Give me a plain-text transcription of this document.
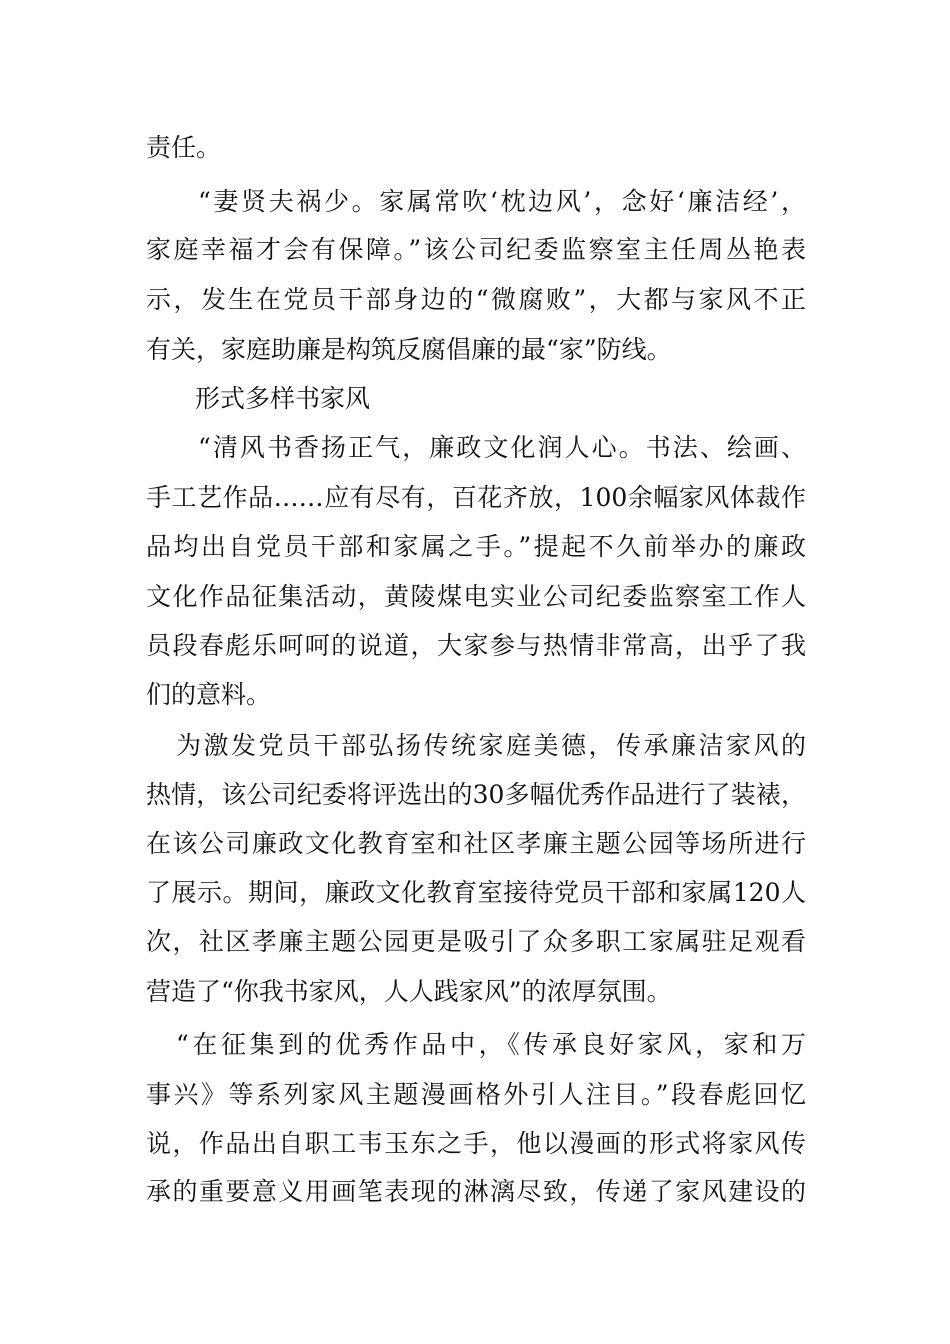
责任。
“妻贤夫祸少。家属常吹‘枕边风’，念好‘廉洁经’，
家庭幸福才会有保障。”该公司纪委监察室主任周丛艳表
示，发生在党员干部身边的“微腐败”，大都与家风不正
有关，家庭助廉是构筑反腐倡廉的最“家”防线。
形式多样书家风
“清风书香扬正气，廉政文化润人心。书法、绘画、
手工艺作品……应有尽有，百花齐放，100余幅家风体裁作
品均出自党员干部和家属之手。”提起不久前举办的廉政
文化作品征集活动，黄陵煤电实业公司纪委监察室工作人
员段春彪乐呵呵的说道，大家参与热情非常高，出乎了我
们的意料。
为激发党员干部弘扬传统家庭美德，传承廉洁家风的
热情，该公司纪委将评选出的30多幅优秀作品进行了装裱，
在该公司廉政文化教育室和社区孝廉主题公园等场所进行
了展示。期间，廉政文化教育室接待党员干部和家属120人
次，社区孝廉主题公园更是吸引了众多职工家属驻足观看
营造了“你我书家风，人人践家风”的浓厚氛围。
“在征集到的优秀作品中，《传承良好家风，家和万
事兴》等系列家风主题漫画格外引人注目。”段春彪回忆
说，作品出自职工韦玉东之手，他以漫画的形式将家风传
承的重要意义用画笔表现的淋漓尽致，传递了家风建设的
